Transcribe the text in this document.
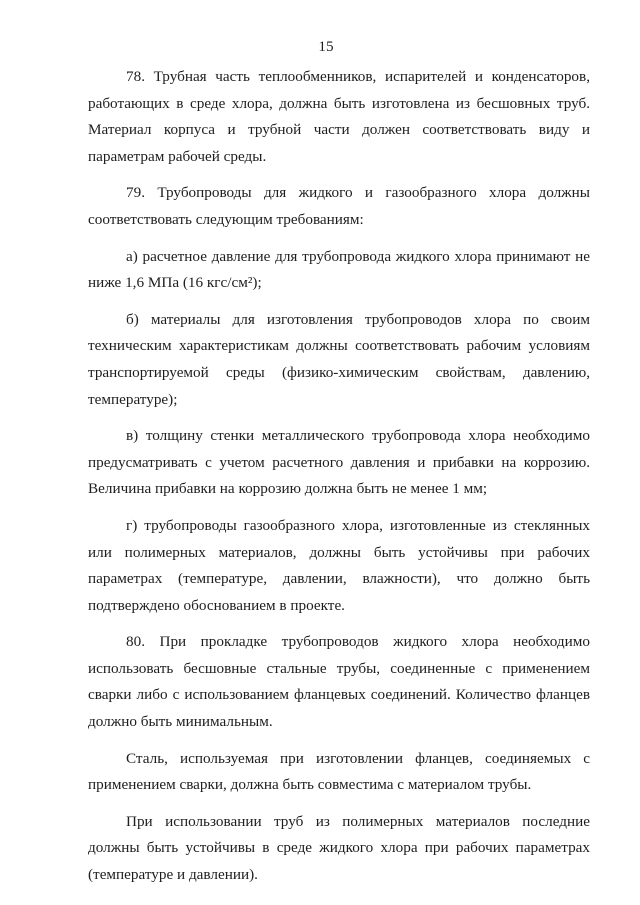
15

78. Трубная часть теплообменников, испарителей и конденсаторов, работающих в среде хлора, должна быть изготовлена из бесшовных труб. Материал корпуса и трубной части должен соответствовать виду и параметрам рабочей среды.

79. Трубопроводы для жидкого и газообразного хлора должны соответствовать следующим требованиям:

а) расчетное давление для трубопровода жидкого хлора принимают не ниже 1,6 МПа (16 кгс/см²);

б) материалы для изготовления трубопроводов хлора по своим техническим характеристикам должны соответствовать рабочим условиям транспортируемой среды (физико-химическим свойствам, давлению, температуре);

в) толщину стенки металлического трубопровода хлора необходимо предусматривать с учетом расчетного давления и прибавки на коррозию. Величина прибавки на коррозию должна быть не менее 1 мм;

г) трубопроводы газообразного хлора, изготовленные из стеклянных или полимерных материалов, должны быть устойчивы при рабочих параметрах (температуре, давлении, влажности), что должно быть подтверждено обоснованием в проекте.

80. При прокладке трубопроводов жидкого хлора необходимо использовать бесшовные стальные трубы, соединенные с применением сварки либо с использованием фланцевых соединений. Количество фланцев должно быть минимальным.

Сталь, используемая при изготовлении фланцев, соединяемых с применением сварки, должна быть совместима с материалом трубы.

При использовании труб из полимерных материалов последние должны быть устойчивы в среде жидкого хлора при рабочих параметрах (температуре и давлении).
